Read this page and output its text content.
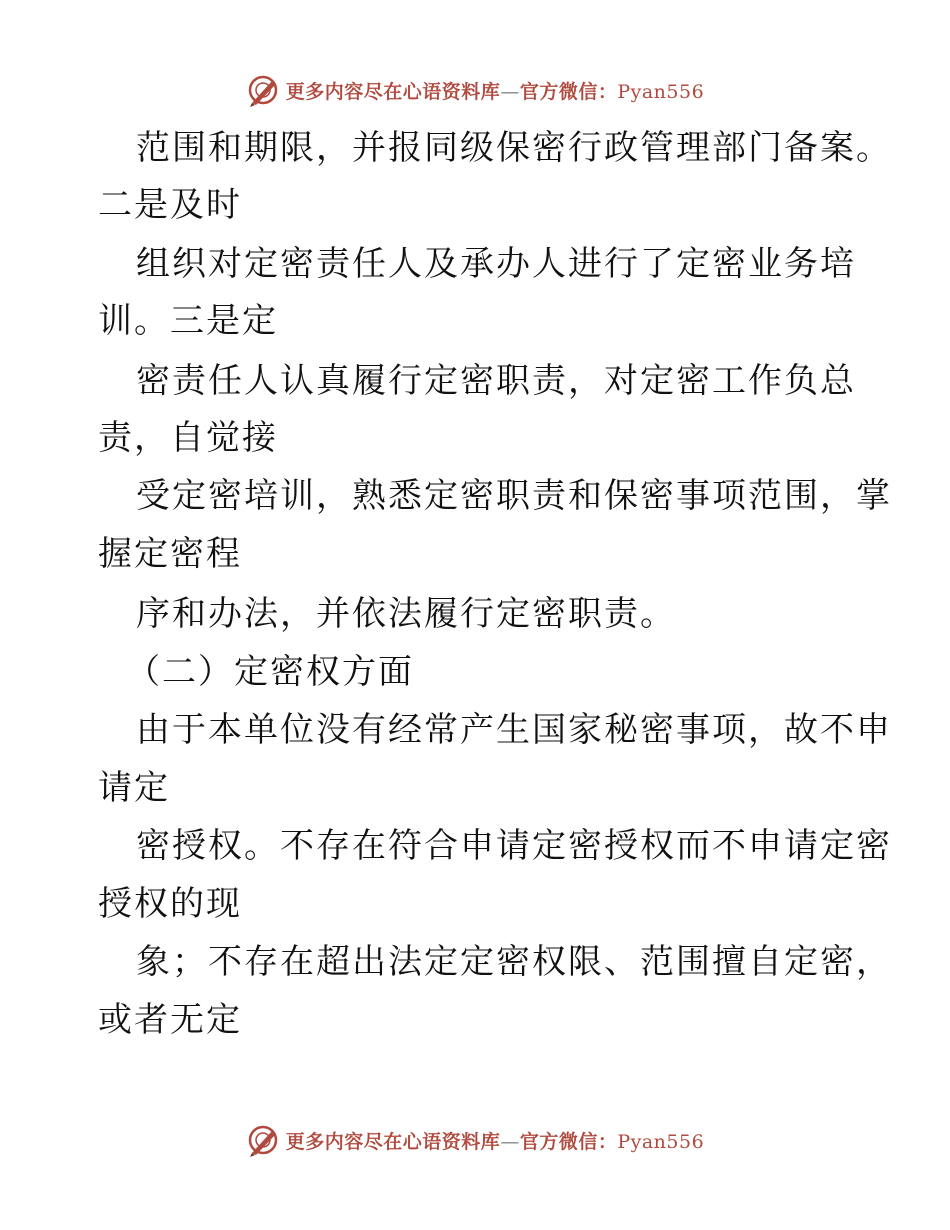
更多内容尽在心语资料库—官方微信：Pyan556
范围和期限，并报同级保密行政管理部门备案。
二是及时
组织对定密责任人及承办人进行了定密业务培
训。三是定
密责任人认真履行定密职责，对定密工作负总
责，自觉接
受定密培训，熟悉定密职责和保密事项范围，掌
握定密程
序和办法，并依法履行定密职责。
（二）定密权方面
由于本单位没有经常产生国家秘密事项，故不申
请定
密授权。不存在符合申请定密授权而不申请定密
授权的现
象；不存在超出法定定密权限、范围擅自定密，
或者无定
更多内容尽在心语资料库—官方微信：Pyan556
